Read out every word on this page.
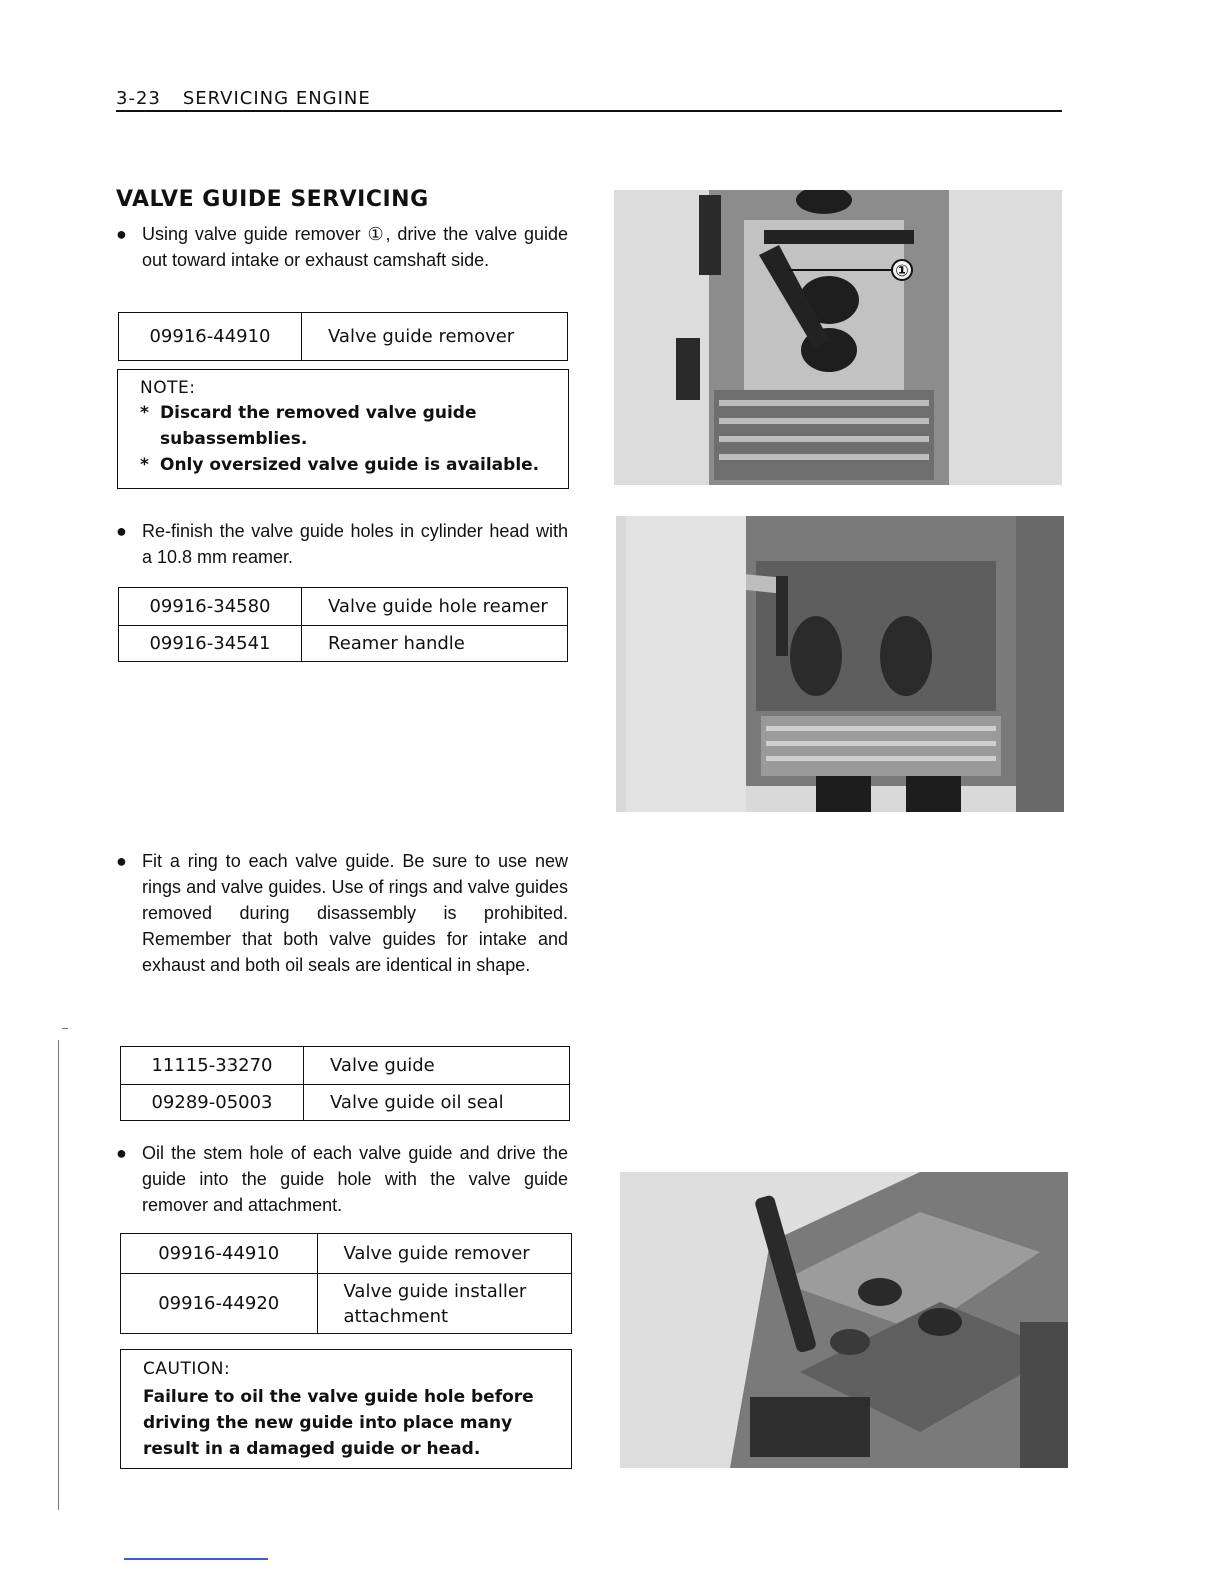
3-23 SERVICING ENGINE
VALVE GUIDE SERVICING
● Using valve guide remover ①, drive the valve guide out toward intake or exhaust camshaft side.
09916-44910	Valve guide remover
NOTE:
* Discard the removed valve guide subassemblies.
* Only oversized valve guide is available.
● Re-finish the valve guide holes in cylinder head with a 10.8 mm reamer.
09916-34580	Valve guide hole reamer
09916-34541	Reamer handle
● Fit a ring to each valve guide. Be sure to use new rings and valve guides. Use of rings and valve guides removed during disassembly is prohibited. Remember that both valve guides for intake and exhaust and both oil seals are identical in shape.
11115-33270	Valve guide
09289-05003	Valve guide oil seal
● Oil the stem hole of each valve guide and drive the guide into the guide hole with the valve guide remover and attachment.
09916-44910	Valve guide remover
09916-44920	Valve guide installer attachment
CAUTION:
Failure to oil the valve guide hole before driving the new guide into place many result in a damaged guide or head.
①
